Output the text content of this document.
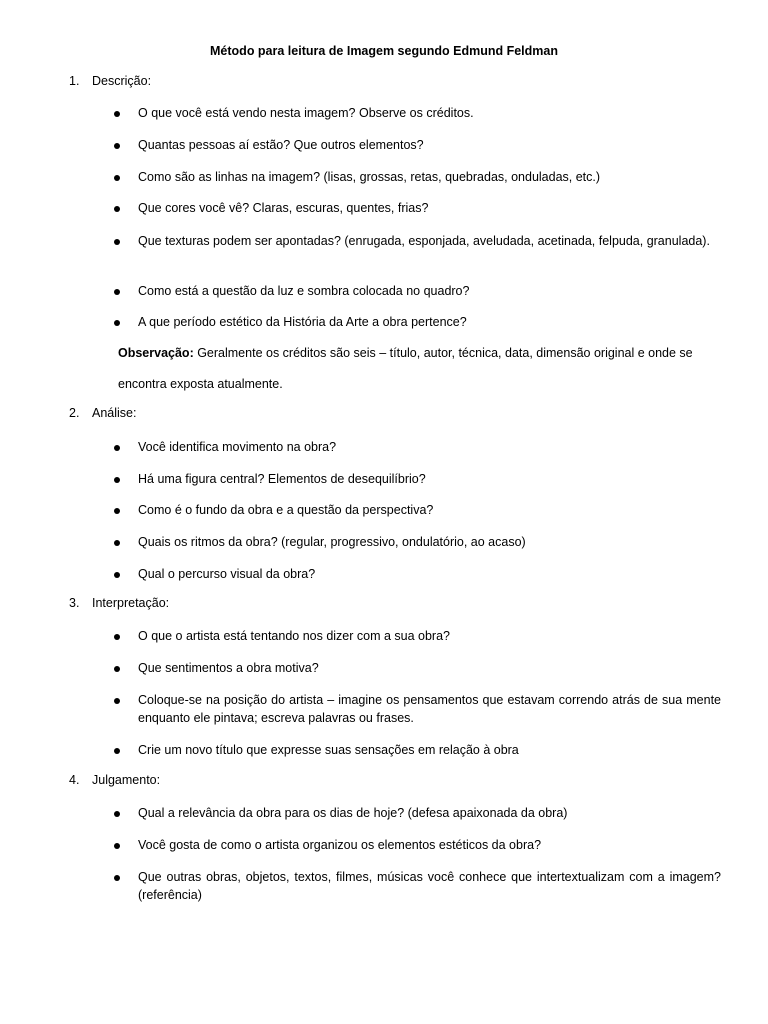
Método para leitura de Imagem segundo Edmund Feldman
1. Descrição:
O que você está vendo nesta imagem? Observe os créditos.
Quantas pessoas aí estão? Que outros elementos?
Como são as linhas na imagem? (lisas, grossas, retas, quebradas, onduladas, etc.)
Que cores você vê? Claras, escuras, quentes, frias?
Que texturas podem ser apontadas? (enrugada, esponjada, aveludada, acetinada, felpuda, granulada).
Como está a questão da luz e sombra colocada no quadro?
A que período estético da História da Arte a obra pertence?
Observação: Geralmente os créditos são seis – título, autor, técnica, data, dimensão original e onde se encontra exposta atualmente.
2. Análise:
Você identifica movimento na obra?
Há uma figura central? Elementos de desequilíbrio?
Como é o fundo da obra e a questão da perspectiva?
Quais os ritmos da obra? (regular, progressivo, ondulatório, ao acaso)
Qual o percurso visual da obra?
3. Interpretação:
O que o artista está tentando nos dizer com a sua obra?
Que sentimentos a obra motiva?
Coloque-se na posição do artista – imagine os pensamentos que estavam correndo atrás de sua mente enquanto ele pintava; escreva palavras ou frases.
Crie um novo título que expresse suas sensações em relação à obra
4. Julgamento:
Qual a relevância da obra para os dias de hoje? (defesa apaixonada da obra)
Você gosta de como o artista organizou os elementos estéticos da obra?
Que outras obras, objetos, textos, filmes, músicas você conhece que intertextualizam com a imagem? (referência)
